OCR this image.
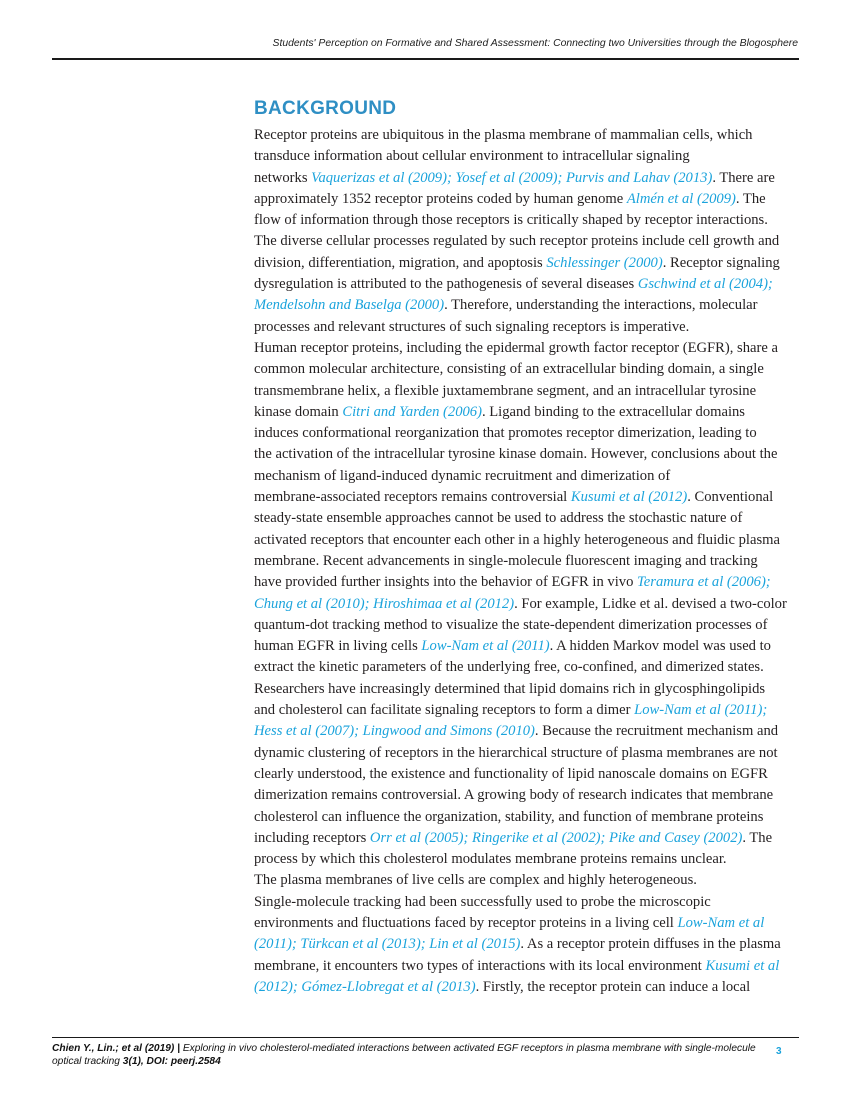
Students' Perception on Formative and Shared Assessment: Connecting two Universities through the Blogosphere
BACKGROUND
Receptor proteins are ubiquitous in the plasma membrane of mammalian cells, which
transduce information about cellular environment to intracellular signaling
networks Vaquerizas et al (2009); Yosef et al (2009); Purvis and Lahav (2013). There are
approximately 1352 receptor proteins coded by human genome Almén et al (2009). The
flow of information through those receptors is critically shaped by receptor interactions.
The diverse cellular processes regulated by such receptor proteins include cell growth and
division, differentiation, migration, and apoptosis Schlessinger (2000). Receptor signaling
dysregulation is attributed to the pathogenesis of several diseases Gschwind et al (2004);
Mendelsohn and Baselga (2000). Therefore, understanding the interactions, molecular
processes and relevant structures of such signaling receptors is imperative.
Human receptor proteins, including the epidermal growth factor receptor (EGFR), share a
common molecular architecture, consisting of an extracellular binding domain, a single
transmembrane helix, a flexible juxtamembrane segment, and an intracellular tyrosine
kinase domain Citri and Yarden (2006). Ligand binding to the extracellular domains
induces conformational reorganization that promotes receptor dimerization, leading to
the activation of the intracellular tyrosine kinase domain. However, conclusions about the
mechanism of ligand-induced dynamic recruitment and dimerization of
membrane-associated receptors remains controversial Kusumi et al (2012). Conventional
steady-state ensemble approaches cannot be used to address the stochastic nature of
activated receptors that encounter each other in a highly heterogeneous and fluidic plasma
membrane. Recent advancements in single-molecule fluorescent imaging and tracking
have provided further insights into the behavior of EGFR in vivo Teramura et al (2006);
Chung et al (2010); Hiroshimaa et al (2012). For example, Lidke et al. devised a two-color
quantum-dot tracking method to visualize the state-dependent dimerization processes of
human EGFR in living cells Low-Nam et al (2011). A hidden Markov model was used to
extract the kinetic parameters of the underlying free, co-confined, and dimerized states.
Researchers have increasingly determined that lipid domains rich in glycosphingolipids
and cholesterol can facilitate signaling receptors to form a dimer Low-Nam et al (2011);
Hess et al (2007); Lingwood and Simons (2010). Because the recruitment mechanism and
dynamic clustering of receptors in the hierarchical structure of plasma membranes are not
clearly understood, the existence and functionality of lipid nanoscale domains on EGFR
dimerization remains controversial. A growing body of research indicates that membrane
cholesterol can influence the organization, stability, and function of membrane proteins
including receptors Orr et al (2005); Ringerike et al (2002); Pike and Casey (2002). The
process by which this cholesterol modulates membrane proteins remains unclear.
The plasma membranes of live cells are complex and highly heterogeneous.
Single-molecule tracking had been successfully used to probe the microscopic
environments and fluctuations faced by receptor proteins in a living cell Low-Nam et al
(2011); Türkcan et al (2013); Lin et al (2015). As a receptor protein diffuses in the plasma
membrane, it encounters two types of interactions with its local environment Kusumi et al
(2012); Gómez-Llobregat et al (2013). Firstly, the receptor protein can induce a local
Chien Y., Lin.; et al (2019) | Exploring in vivo cholesterol-mediated interactions between activated EGF receptors in plasma membrane with single-molecule optical tracking 3(1), DOI: peerj.2584
3
